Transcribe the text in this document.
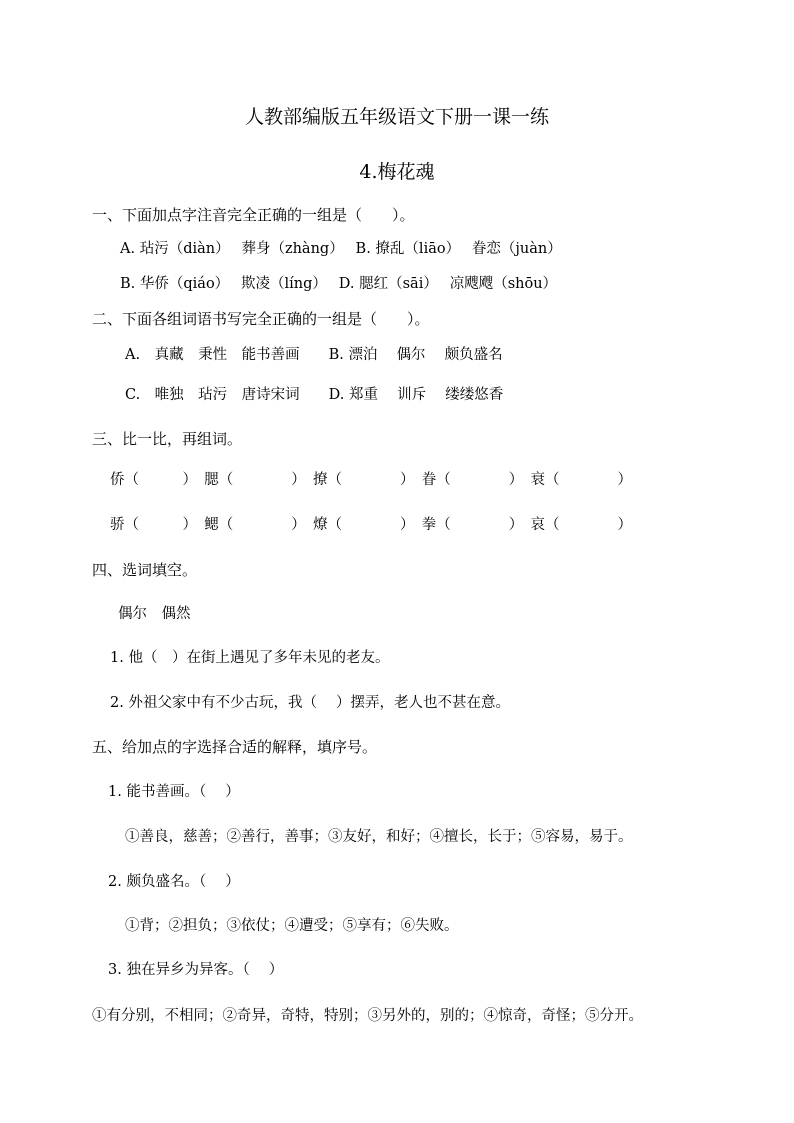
人教部编版五年级语文下册一课一练
4.梅花魂
一、下面加点字注音完全正确的一组是（　　）。
A. 玷污（diàn）　 葬身（zhàng）　 B. 撩乱（liāo）　 眷恋（juàn）
B. 华侨（qiáo）　 欺凌（líng）　 D. 腮红（sāi）　 凉飕飕（shōu）
二、下面各组词语书写完全正确的一组是（　　）。
A.　真藏　秉性　能书善画　　B. 漂泊　 偶尔　 颇负盛名
C.　唯独　玷污　唐诗宋词　　D. 郑重　 训斥　 缕缕悠香
三、比一比，再组词。
侨（　　　）　腮（　　　　）　撩（　　　　）　眷（　　　　）　衰（　　　　）
骄（　　　）　鳃（　　　　）　燎（　　　　）　拳（　　　　）　哀（　　　　）
四、选词填空。
偶尔　偶然
1. 他（　）在街上遇见了多年未见的老友。
2. 外祖父家中有不少古玩，我（　 ）摆弄，老人也不甚在意。
五、给加点的字选择合适的解释，填序号。
1. 能书善画。（　 ）
①善良，慈善；②善行，善事；③友好，和好；④擅长，长于；⑤容易，易于。
2. 颇负盛名。（　 ）
①背；②担负；③依仗；④遭受；⑤享有；⑥失败。
3. 独在异乡为异客。（　 ）
①有分别，不相同；②奇异，奇特，特别；③另外的，别的；④惊奇，奇怪；⑤分开。
